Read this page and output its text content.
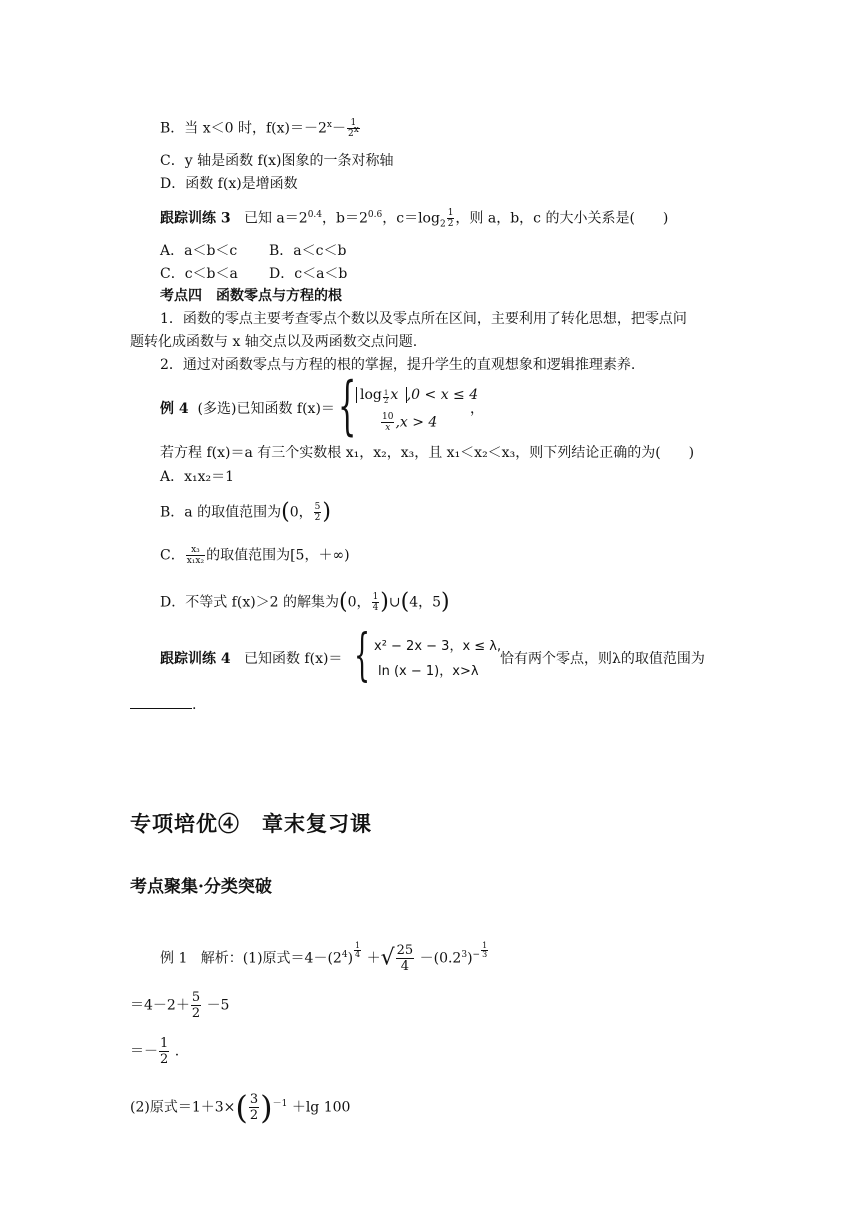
B．当 x＜0 时，$f(x)=-2^x- \frac{1}{2x}$
C．y 轴是函数 f(x)图象的一条对称轴
D．函数 f(x)是增函数
跟踪训练 3 已知 $a=2^{0.4}$，$b=2^{0.6}$，$c=\log_2 \frac{1}{2}$ ，则 a，b，c 的大小关系是(　　)
A．a＜b＜c B．a＜c＜b
C．c＜b＜a D．c＜a＜b
考点四　函数零点与方程的根
1．函数的零点主要考查零点个数以及零点所在区间，主要利用了转化思想，把零点问
题转化成函数与 x 轴交点以及两函数交点问题.
2．通过对函数零点与方程的根的掌握，提升学生的直观想象和逻辑推理素养.
例 4 (多选)已知函数 f(x)＝ { $\log \frac{1}{2}$ x ,0 < x ≤ 4
$\frac{10}{x} ,x > 4$
，
若方程 f(x)＝a 有三个实数根 x₁，x₂，x₃，且 x₁＜x₂＜x₃，则下列结论正确的为(　　)
A．x₁x₂＝1
B．a 的取值范围为(0， $\frac{5}{2}$ )
C． $\frac{\text{x₃}}{\text{x₁x₂}}$ 的取值范围为[5，＋∞)
D．不等式 f(x)＞2 的解集为(0， $\frac{1}{4}$ )∪(4，5)
跟踪训练 4 已知函数 f(x)＝ { x² − 2x − 3，x ≤ λ,
ln (x − 1)，x>λ
恰有两个零点，则λ的取值范围为
.
专项培优④　章末复习课
考点聚集·分类突破
例 1 解析：(1)原式$=4-(2^4) \frac{1}{4}$ ＋√ $\frac{25}{4} -(0.2^3)^- \frac{1}{3}$
$=4-2+ \frac{5}{2} -5$
＝－ $\frac{1}{2}$ .
(2)原式$=1+3\times( \frac{3}{2} )^{-1} +\lg$ 100
